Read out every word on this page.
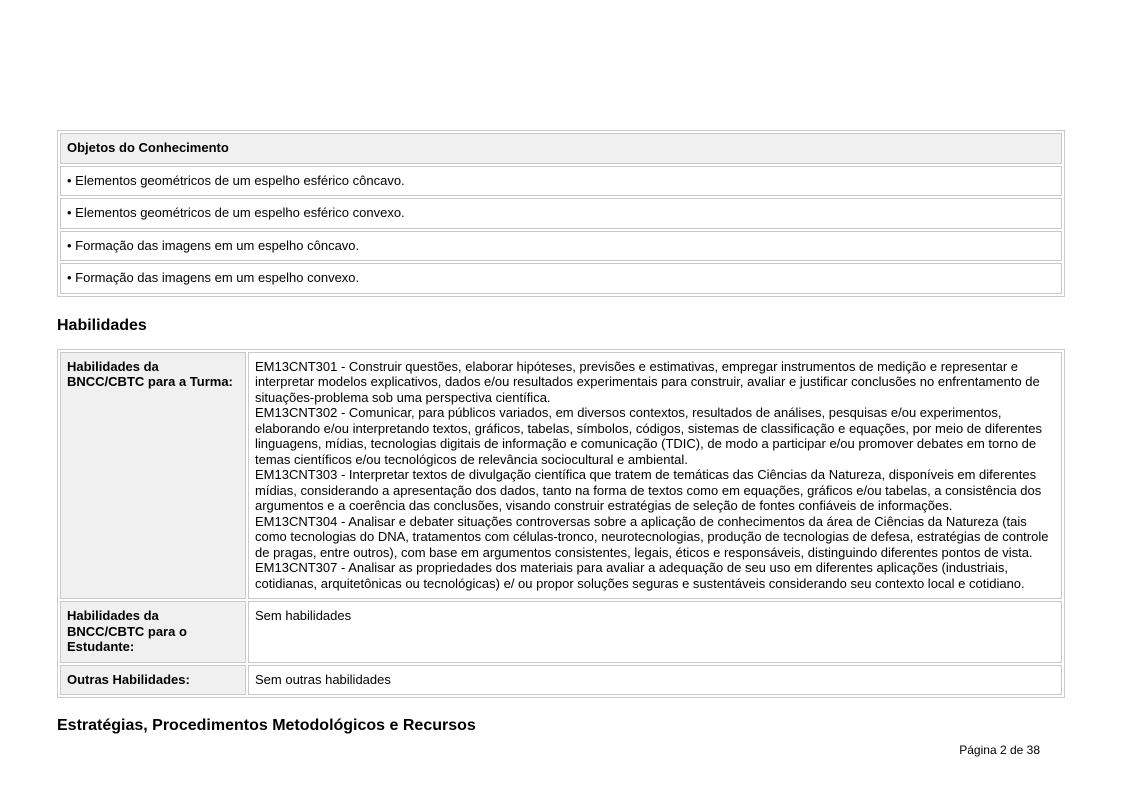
Objetos do Conhecimento
• Elementos geométricos de um espelho esférico côncavo.
• Elementos geométricos de um espelho esférico convexo.
• Formação das imagens em um espelho côncavo.
• Formação das imagens em um espelho convexo.
Habilidades
Habilidades da BNCC/CBTC para a Turma:	EM13CNT301 - Construir questões, elaborar hipóteses, previsões e estimativas, empregar instrumentos de medição e representar e interpretar modelos explicativos, dados e/ou resultados experimentais para construir, avaliar e justificar conclusões no enfrentamento de situações-problema sob uma perspectiva científica.
EM13CNT302 - Comunicar, para públicos variados, em diversos contextos, resultados de análises, pesquisas e/ou experimentos, elaborando e/ou interpretando textos, gráficos, tabelas, símbolos, códigos, sistemas de classificação e equações, por meio de diferentes linguagens, mídias, tecnologias digitais de informação e comunicação (TDIC), de modo a participar e/ou promover debates em torno de temas científicos e/ou tecnológicos de relevância sociocultural e ambiental.
EM13CNT303 - Interpretar textos de divulgação científica que tratem de temáticas das Ciências da Natureza, disponíveis em diferentes mídias, considerando a apresentação dos dados, tanto na forma de textos como em equações, gráficos e/ou tabelas, a consistência dos argumentos e a coerência das conclusões, visando construir estratégias de seleção de fontes confiáveis de informações.
EM13CNT304 - Analisar e debater situações controversas sobre a aplicação de conhecimentos da área de Ciências da Natureza (tais como tecnologias do DNA, tratamentos com células-tronco, neurotecnologias, produção de tecnologias de defesa, estratégias de controle de pragas, entre outros), com base em argumentos consistentes, legais, éticos e responsáveis, distinguindo diferentes pontos de vista.
EM13CNT307 - Analisar as propriedades dos materiais para avaliar a adequação de seu uso em diferentes aplicações (industriais, cotidianas, arquitetônicas ou tecnológicas) e/ ou propor soluções seguras e sustentáveis considerando seu contexto local e cotidiano.

Habilidades da BNCC/CBTC para o Estudante:	Sem habilidades

Outras Habilidades:	Sem outras habilidades
Estratégias, Procedimentos Metodológicos e Recursos
Página 2 de 38
